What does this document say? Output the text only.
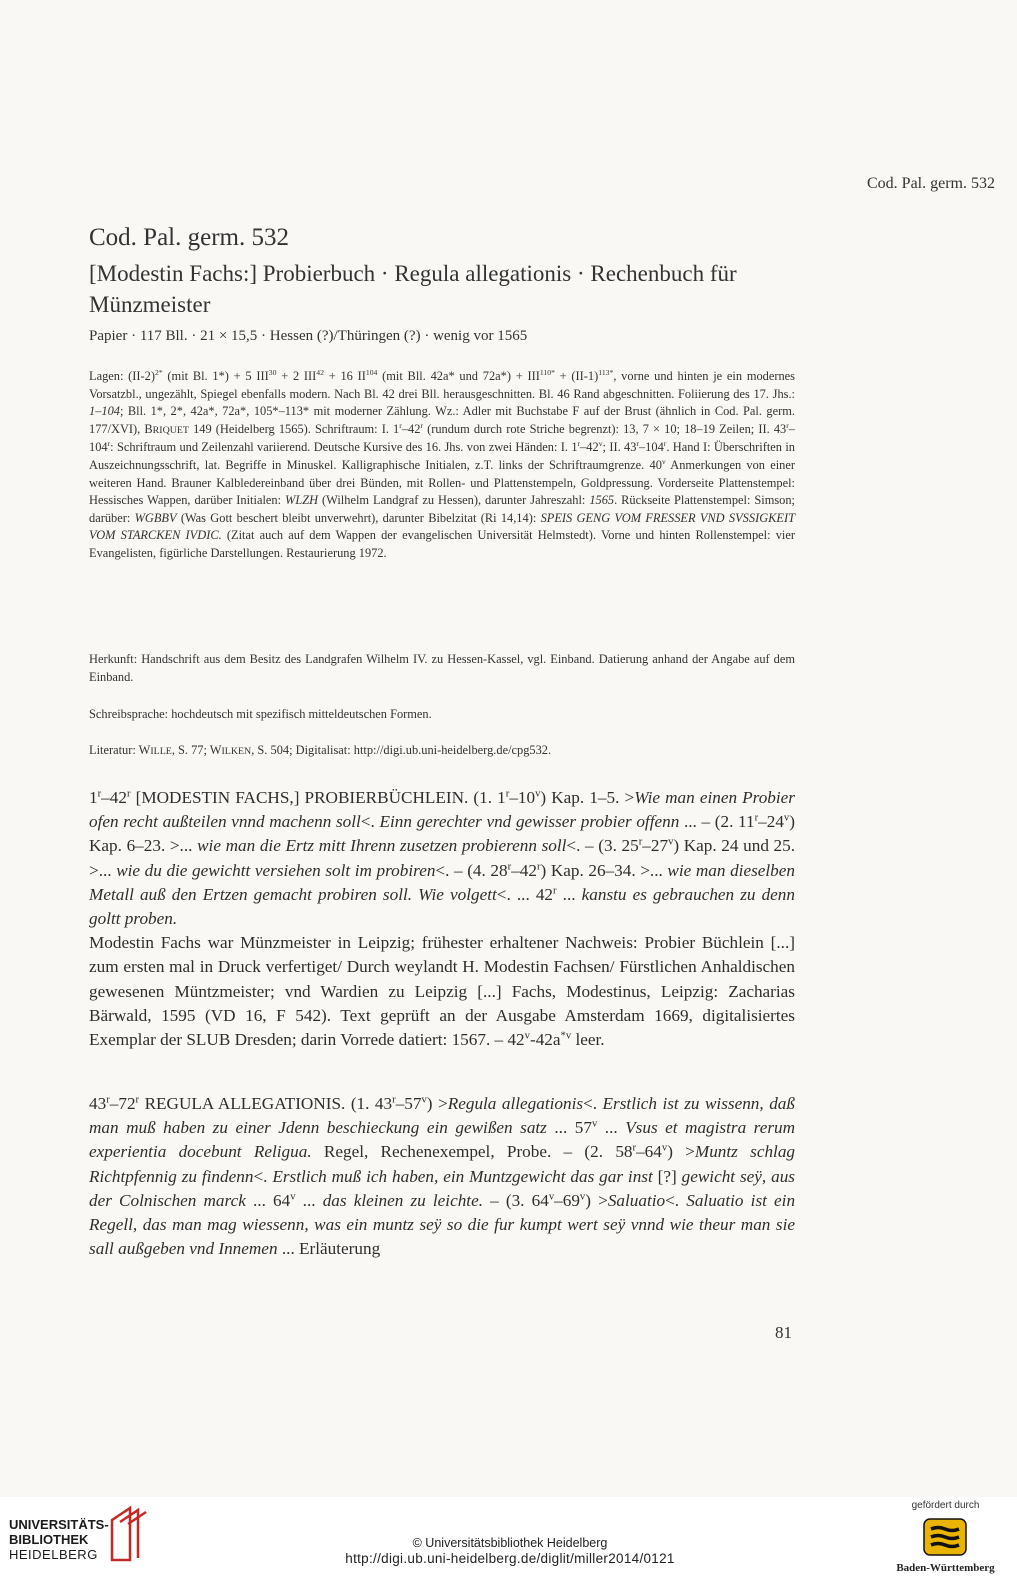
Cod. Pal. germ. 532
Cod. Pal. germ. 532
[Modestin Fachs:] Probierbuch · Regula allegationis · Rechenbuch für Münzmeister
Papier · 117 Bll. · 21 × 15,5 · Hessen (?)/Thüringen (?) · wenig vor 1565
Lagen: $(II-2)^{2*}$ (mit Bl. 1*) + 5 $III^{30} + 2$ $III^{42} + 16$ II$^{104}$ (mit Bll. 42a* und $72a*) + III^{110*} + (II-1)^{113*}$, vorne und hinten je ein modernes Vorsatzbl., ungezählt, Spiegel ebenfalls modern. Nach Bl. 42 drei Bll. herausgeschnitten. Bl. 46 Rand abgeschnitten. Foliierung des 17. Jhs.: 1–104; Bll. 1*, 2*, 42a*, 72a*, 105*–113* mit moderner Zählung. Wz.: Adler mit Buchstabe F auf der Brust (ähnlich in Cod. Pal. germ. 177/XVI), BRIQUET 149 (Heidelberg 1565). Schriftraum: I. 1$^r$–42$^r$ (rundum durch rote Striche begrenzt): 13, 7 × 10; 18–19 Zeilen; II. 43$^r$–104$^r$: Schriftraum und Zeilenzahl variierend. Deutsche Kursive des 16. Jhs. von zwei Händen: I. 1$^r$–42$^v$; II. 43$^r$–104$^r$. Hand I: Überschriften in Auszeichnungsschrift, lat. Begriffe in Minuskel. Kalligraphische Initialen, z.T. links der Schriftraumgrenze. 40$^v$ Anmerkungen von einer weiteren Hand. Brauner Kalbledereinband über drei Bünden, mit Rollen- und Plattenstempeln, Goldpressung. Vorderseite Plattenstempel: Hessisches Wappen, darüber Initialen: WLZH (Wilhelm Landgraf zu Hessen), darunter Jahreszahl: 1565. Rückseite Plattenstempel: Simson; darüber: WGBBV (Was Gott beschert bleibt unverwehrt), darunter Bibelzitat (Ri 14,14): SPEIS GENG VOM FRESSER VND SVSSIGKEIT VOM STARCKEN IVDIC. (Zitat auch auf dem Wappen der evangelischen Universität Helmstedt). Vorne und hinten Rollenstempel: vier Evangelisten, figürliche Darstellungen. Restaurierung 1972.
Herkunft: Handschrift aus dem Besitz des Landgrafen Wilhelm IV. zu Hessen-Kassel, vgl. Einband. Datierung anhand der Angabe auf dem Einband.
Schreibsprache: hochdeutsch mit spezifisch mitteldeutschen Formen.
Literatur: WILLE, S. 77; WILKEN, S. 504; Digitalisat: http://digi.ub.uni-heidelberg.de/cpg532.
1$^r$–42$^r$ [MODESTIN FACHS,] PROBIERBÜCHLEIN. (1. 1$^r$–10$^v$) Kap. 1–5. >Wie man einen Probier ofen recht außteilen vnnd machenn soll<. Einn gerechter vnd gewisser probier offenn ... – (2. 11$^r$–24$^v$) Kap. 6–23. >... wie man die Ertz mitt Ihrenn zusetzen probierenn soll<. – (3. 25$^r$–27$^v$) Kap. 24 und 25. >... wie du die gewichtt versiehen solt im probiren<. – (4. 28$^r$–42$^r$) Kap. 26–34. >... wie man dieselben Metall auß den Ertzen gemacht probiren soll. Wie volgett<. ... 42$^r$ ... kanstu es gebrauchen zu denn goltt proben.
Modestin Fachs war Münzmeister in Leipzig; frühester erhaltener Nachweis: Probier Büchlein [...] zum ersten mal in Druck verfertiget/ Durch weylandt H. Modestin Fachsen/ Fürstlichen Anhaldischen gewesenen Müntzmeister; vnd Wardien zu Leipzig [...] Fachs, Modestinus, Leipzig: Zacharias Bärwald, 1595 (VD 16, F 542). Text geprüft an der Ausgabe Amsterdam 1669, digitalisiertes Exemplar der SLUB Dresden; darin Vorrede datiert: 1567. – $42^v-42a^{*v}$ leer.
43$^r$–72$^r$ REGULA ALLEGATIONIS. (1. $43^r-57^v$) >Regula allegationis<. Erstlich ist zu wissenn, daß man muß haben zu einer Jdenn beschieckung ein gewißen satz ... 57$^v$ ... Vsus et magistra rerum experientia docebunt Religua. Regel, Rechenexempel, Probe. – (2. $58^r-64^v$) >Muntz schlag Richtpfennig zu findenn<. Erstlich muß ich haben, ein Muntzgewicht das gar inst [?] gewicht seÿ, aus der Colnischen marck ... 64$^v$ ... das kleinen zu leichte. – (3. $64^v-69^v$) >Saluatio<. Saluatio ist ein Regell, das man mag wiessenn, was ein muntz seÿ so die fur kumpt wert seÿ vnnd wie theur man sie sall außgeben vnd Innemen ... Erläuterung
81
UNIVERSITÄTS-
BIBLIOTHEK
HEIDELBERG
© Universitätsbibliothek Heidelberg
http://digi.ub.uni-heidelberg.de/diglit/miller2014/0121
gefördert durch
Baden-Württemberg
